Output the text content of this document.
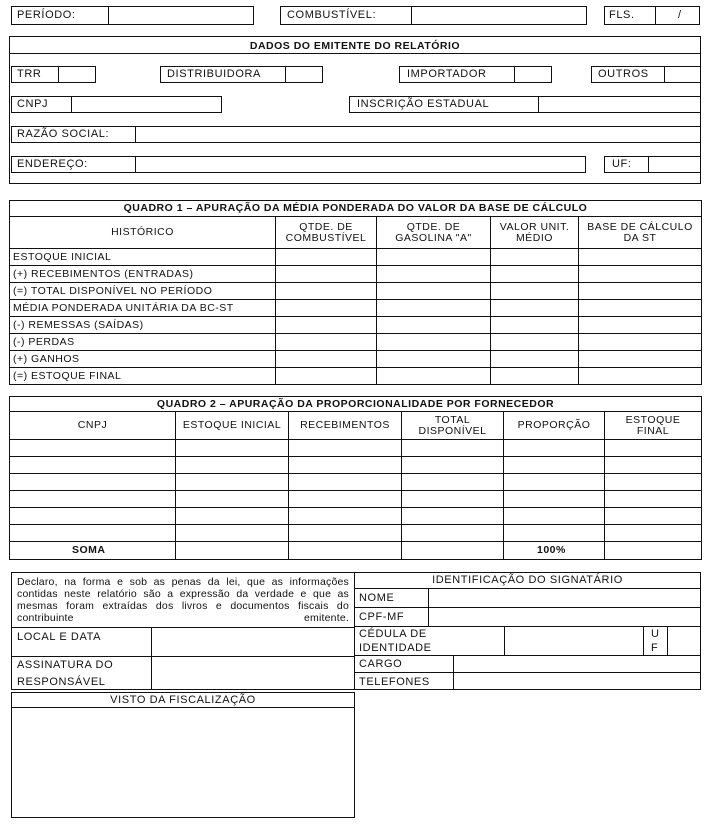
PERÍODO:	COMBUSTÍVEL:	FLS.	/
DADOS DO EMITENTE DO RELATÓRIO
TRR	DISTRIBUIDORA	IMPORTADOR	OUTROS
CNPJ	INSCRIÇÃO ESTADUAL
RAZÃO SOCIAL:
ENDEREÇO:	UF:
QUADRO 1 – APURAÇÃO DA MÉDIA PONDERADA DO VALOR DA BASE DE CÁLCULO				
HISTÓRICO	QTDE. DE COMBUSTÍVEL	QTDE. DE GASOLINA "A"	VALOR UNIT. MÉDIO	BASE DE CÁLCULO DA ST
ESTOQUE INICIAL				
(+) RECEBIMENTOS (ENTRADAS)				
(=) TOTAL DISPONÍVEL NO PERÍODO				
MÉDIA PONDERADA UNITÁRIA DA BC-ST				
(-) REMESSAS (SAÍDAS)				
(-) PERDAS				
(+) GANHOS				
(=) ESTOQUE FINAL				
QUADRO 2 – APURAÇÃO DA PROPORCIONALIDADE POR FORNECEDOR					
CNPJ	ESTOQUE INICIAL	RECEBIMENTOS	TOTAL DISPONÍVEL	PROPORÇÃO	ESTOQUE FINAL

SOMA				100%	
Declaro, na forma e sob as penas da lei, que as informações contidas neste relatório são a expressão da verdade e que as mesmas foram extraídas dos livros e documentos fiscais do contribuinte emitente.
LOCAL E DATA
ASSINATURA DO
RESPONSÁVEL
IDENTIFICAÇÃO DO SIGNATÁRIO
NOME
CPF-MF
CÉDULA DE
IDENTIDADE
U
F
CARGO
TELEFONES
VISTO DA FISCALIZAÇÃO
